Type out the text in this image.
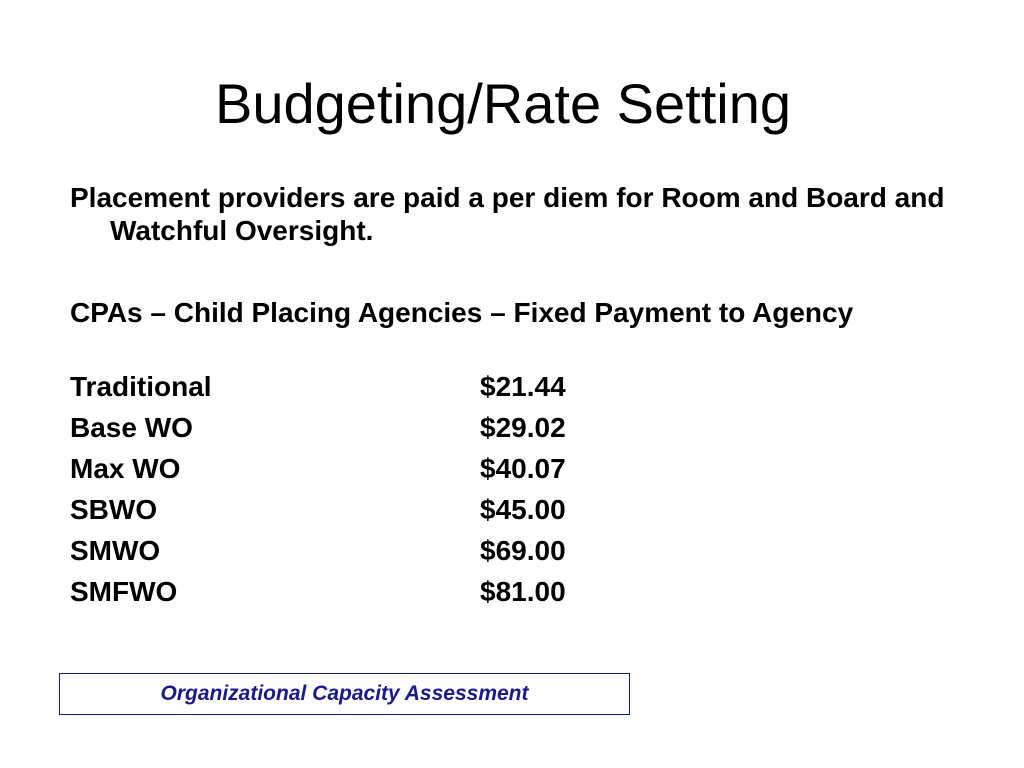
Budgeting/Rate Setting

Placement providers are paid a per diem for Room and Board and Watchful Oversight.

CPAs – Child Placing Agencies – Fixed Payment to Agency

Traditional	$21.44
Base WO	$29.02
Max WO	$40.07
SBWO	$45.00
SMWO	$69.00
SMFWO	$81.00
Organizational Capacity Assessment
